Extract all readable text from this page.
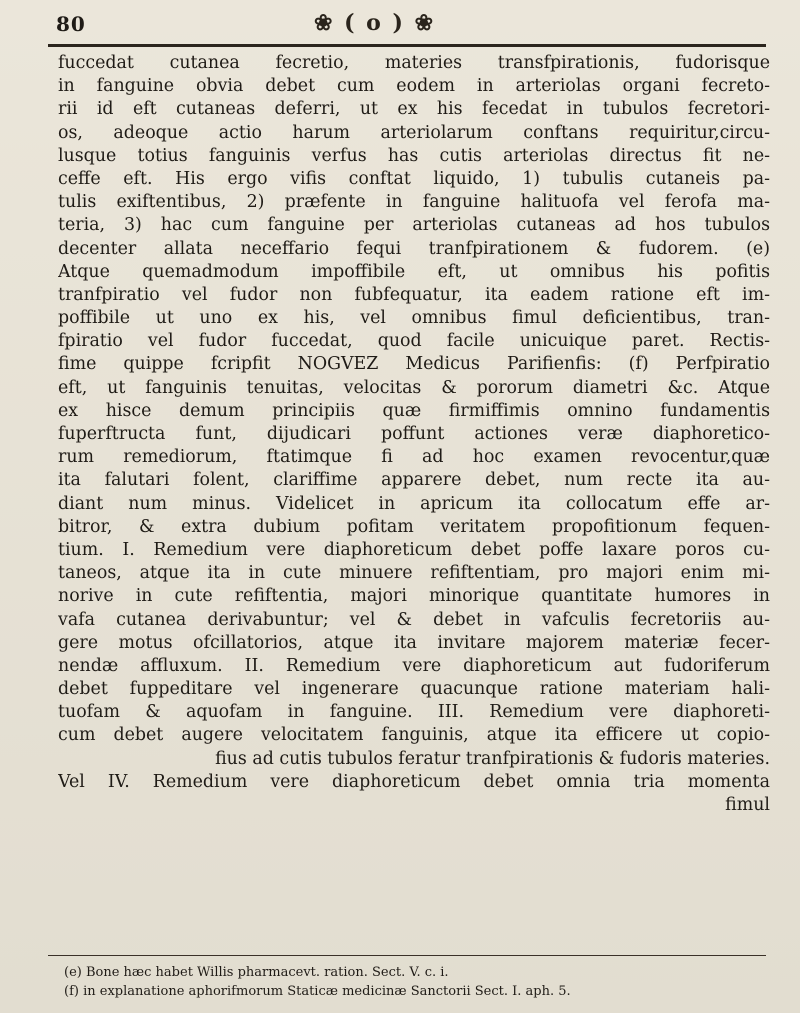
80	❀ ( o ) ❀
fuccedat cutanea fecretio, materies transfpirationis, fudorisque
in fanguine obvia debet cum eodem in arteriolas organi fecreto-
rii id eft cutaneas deferri, ut ex his fecedat in tubulos fecretori-
os, adeoque actio harum arteriolarum conftans requiritur,circu-
lusque totius fanguinis verfus has cutis arteriolas directus fit ne-
ceffe eft. His ergo vifis conftat liquido, 1) tubulis cutaneis pa-
tulis exiftentibus, 2) præfente in fanguine halituofa vel ferofa ma-
teria, 3) hac cum fanguine per arteriolas cutaneas ad hos tubulos
decenter allata neceffario fequi tranfpirationem & fudorem. (e)
Atque quemadmodum impoffibile eft, ut omnibus his pofitis
tranfpiratio vel fudor non fubfequatur, ita eadem ratione eft im-
poffibile ut uno ex his, vel omnibus fimul deficientibus, tran-
fpiratio vel fudor fuccedat, quod facile unicuique paret. Rectis-
fime quippe fcripfit NOGVEZ Medicus Parifienfis: (f) Perfpiratio
eft, ut fanguinis tenuitas, velocitas & pororum diametri &c. Atque
ex hisce demum principiis quæ firmiffimis omnino fundamentis
fuperftructa funt, dijudicari poffunt actiones veræ diaphoretico-
rum remediorum, ftatimque fi ad hoc examen revocentur,quæ
ita falutari folent, clariffime apparere debet, num recte ita au-
diant num minus. Videlicet in apricum ita collocatum effe ar-
bitror, & extra dubium pofitam veritatem propofitionum fequen-
tium. I. Remedium vere diaphoreticum debet poffe laxare poros cu-
taneos, atque ita in cute minuere refiftentiam, pro majori enim mi-
norive in cute refiftentia, majori minorique quantitate humores in
vafa cutanea derivabuntur; vel & debet in vafculis fecretoriis au-
gere motus ofcillatorios, atque ita invitare majorem materiæ fecer-
nendæ affluxum. II. Remedium vere diaphoreticum aut fudoriferum
debet fuppeditare vel ingenerare quacunque ratione materiam hali-
tuofam & aquofam in fanguine. III. Remedium vere diaphoreti-
cum debet augere velocitatem fanguinis, atque ita efficere ut copio-
fius ad cutis tubulos feratur tranfpirationis & fudoris materies.
Vel IV. Remedium vere diaphoreticum debet omnia tria momenta
fimul
(e) Bone hæc habet Willis pharmacevt. ration. Sect. V. c. i.
(f) in explanatione aphorifmorum Staticæ medicinæ Sanctorii Sect. I. aph. 5.
